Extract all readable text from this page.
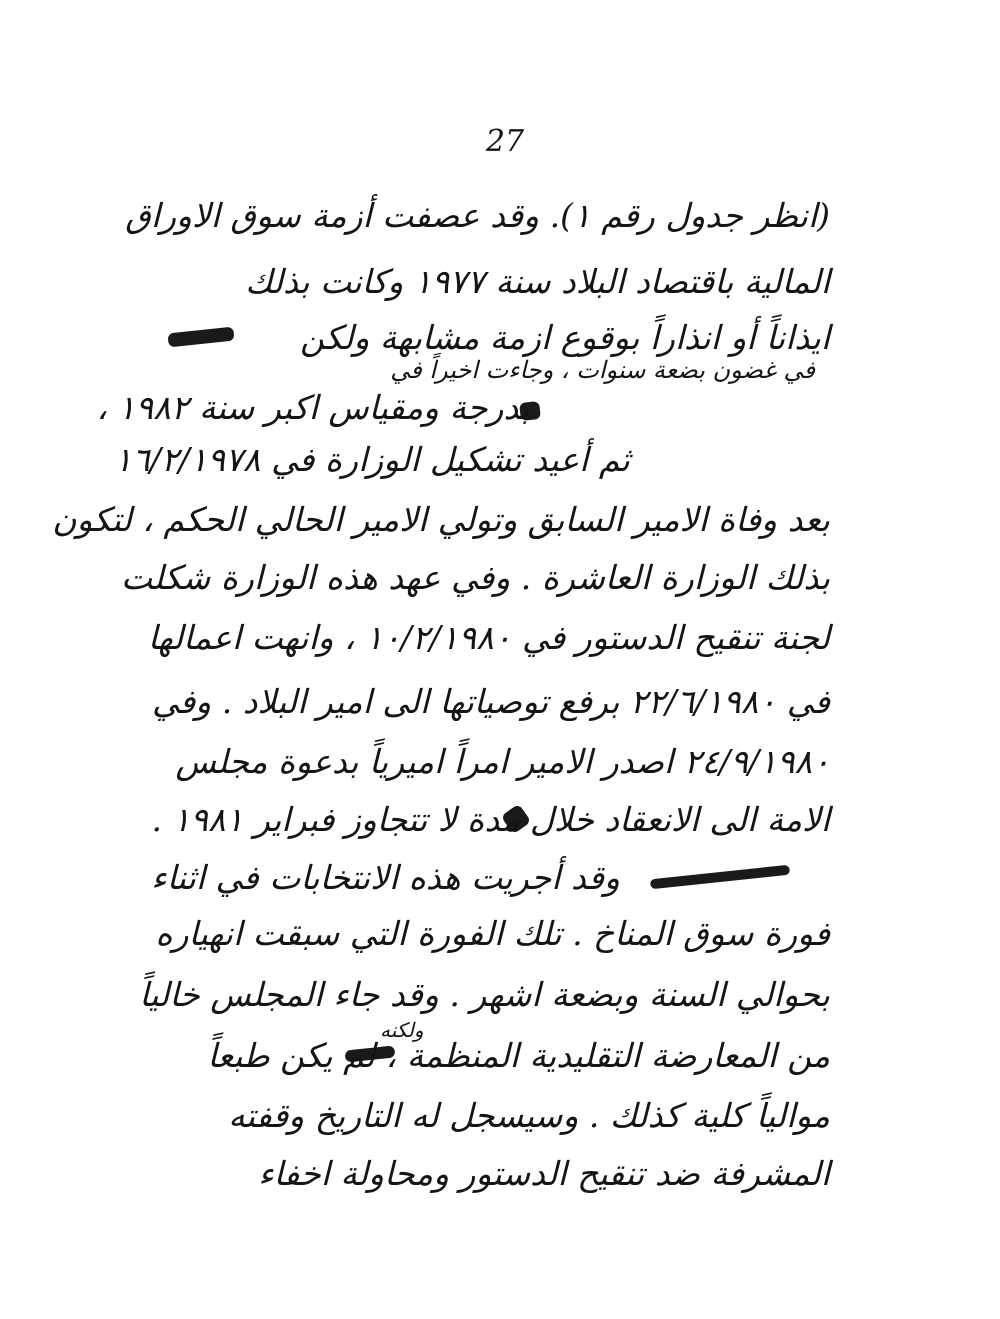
27
(انظر جدول رقم ١). وقد عصفت أزمة سوق الاوراق
المالية باقتصاد البلاد سنة ١٩٧٧ وكانت بذلك
ايذاناً أو انذاراً بوقوع ازمة مشابهة ولكن
في غضون بضعة سنوات ، وجاءت اخيراً في
بدرجة ومقياس اكبر سنة ١٩٨٢ ،
ثم أعيد تشكيل الوزارة في ١٦/٢/١٩٧٨
بعد وفاة الامير السابق وتولي الامير الحالي الحكم ، لتكون
بذلك الوزارة العاشرة . وفي عهد هذه الوزارة شكلت
لجنة تنقيح الدستور في ١٠/٢/١٩٨٠ ، وانهت اعمالها
في ٢٢/٦/١٩٨٠ برفع توصياتها الى امير البلاد . وفي
٢٤/٩/١٩٨٠ اصدر الامير امراً اميرياً بدعوة مجلس
الامة الى الانعقاد خلال مدة لا تتجاوز فبراير ١٩٨١ .
وقد أجريت هذه الانتخابات في اثناء
فورة سوق المناخ . تلك الفورة التي سبقت انهياره
بحوالي السنة وبضعة اشهر . وقد جاء المجلس خالياً
ولكنه
من المعارضة التقليدية المنظمة ، لم يكن طبعاً
موالياً كلية كذلك . وسيسجل له التاريخ وقفته
المشرفة ضد تنقيح الدستور ومحاولة اخفاء
